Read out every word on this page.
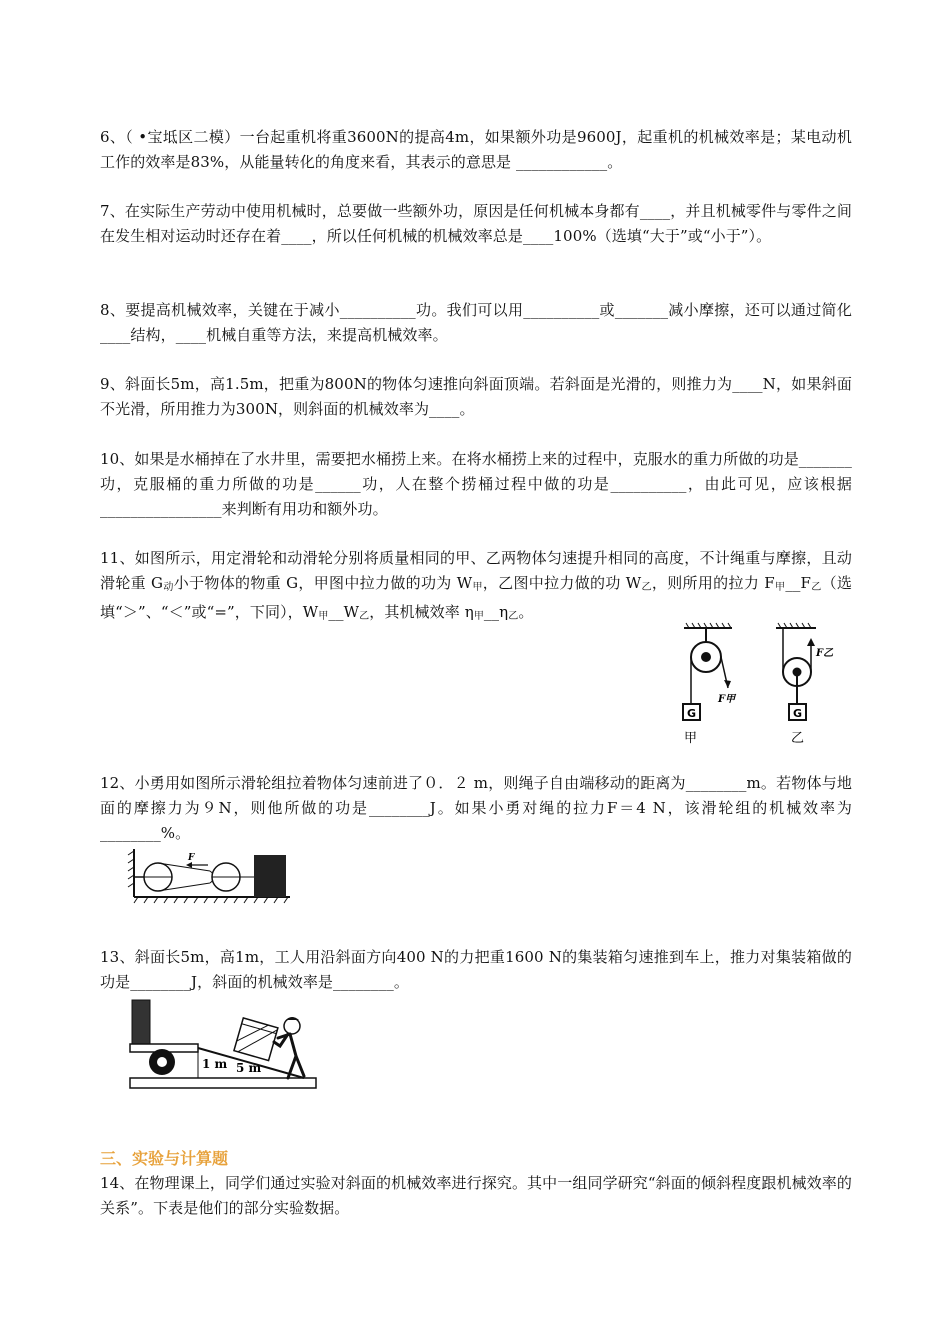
6、（ •宝坻区二模）一台起重机将重3600N的提高4m，如果额外功是9600J，起重机的机械效率是；某电动机工作的效率是83%，从能量转化的角度来看，其表示的意思是 ____________。

7、在实际生产劳动中使用机械时，总要做一些额外功，原因是任何机械本身都有____，并且机械零件与零件之间在发生相对运动时还存在着____，所以任何机械的机械效率总是____100%（选填“大于”或“小于”）。

8、要提高机械效率，关键在于减小__________功。我们可以用__________或_______减小摩擦，还可以通过简化____结构，____机械自重等方法，来提高机械效率。

9、斜面长5m，高1.5m，把重为800N的物体匀速推向斜面顶端。若斜面是光滑的，则推力为____N，如果斜面不光滑，所用推力为300N，则斜面的机械效率为____。

10、如果是水桶掉在了水井里，需要把水桶捞上来。在将水桶捞上来的过程中，克服水的重力所做的功是_______功，克服桶的重力所做的功是______功，人在整个捞桶过程中做的功是__________，由此可见，应该根据________________来判断有用功和额外功。

11、如图所示，用定滑轮和动滑轮分别将质量相同的甲、乙两物体匀速提升相同的高度，不计绳重与摩擦，且动滑轮重 $G_动$小于物体的物重 G，甲图中拉力做的功为 $W_甲$，乙图中拉力做的功 $W_乙$，则所用的拉力 $F_甲\_\_F_乙$（选填“＞”、“＜”或“=”，下同），$W_甲\_\_W_乙$，其机械效率 $\eta_甲\_\_\eta_乙$。

F甲
G
甲
F乙
G
乙

12、小勇用如图所示滑轮组拉着物体匀速前进了０．２ m，则绳子自由端移动的距离为________m。若物体与地面的摩擦力为９N，则他所做的功是________J。如果小勇对绳的拉力F＝4 N，该滑轮组的机械效率为________%。

F

13、斜面长5m，高1m，工人用沿斜面方向400 N的力把重1600 N的集装箱匀速推到车上，推力对集装箱做的功是________J，斜面的机械效率是________。

1 m 5 m
三、实验与计算题

14、在物理课上，同学们通过实验对斜面的机械效率进行探究。其中一组同学研究“斜面的倾斜程度跟机械效率的关系”。下表是他们的部分实验数据。
